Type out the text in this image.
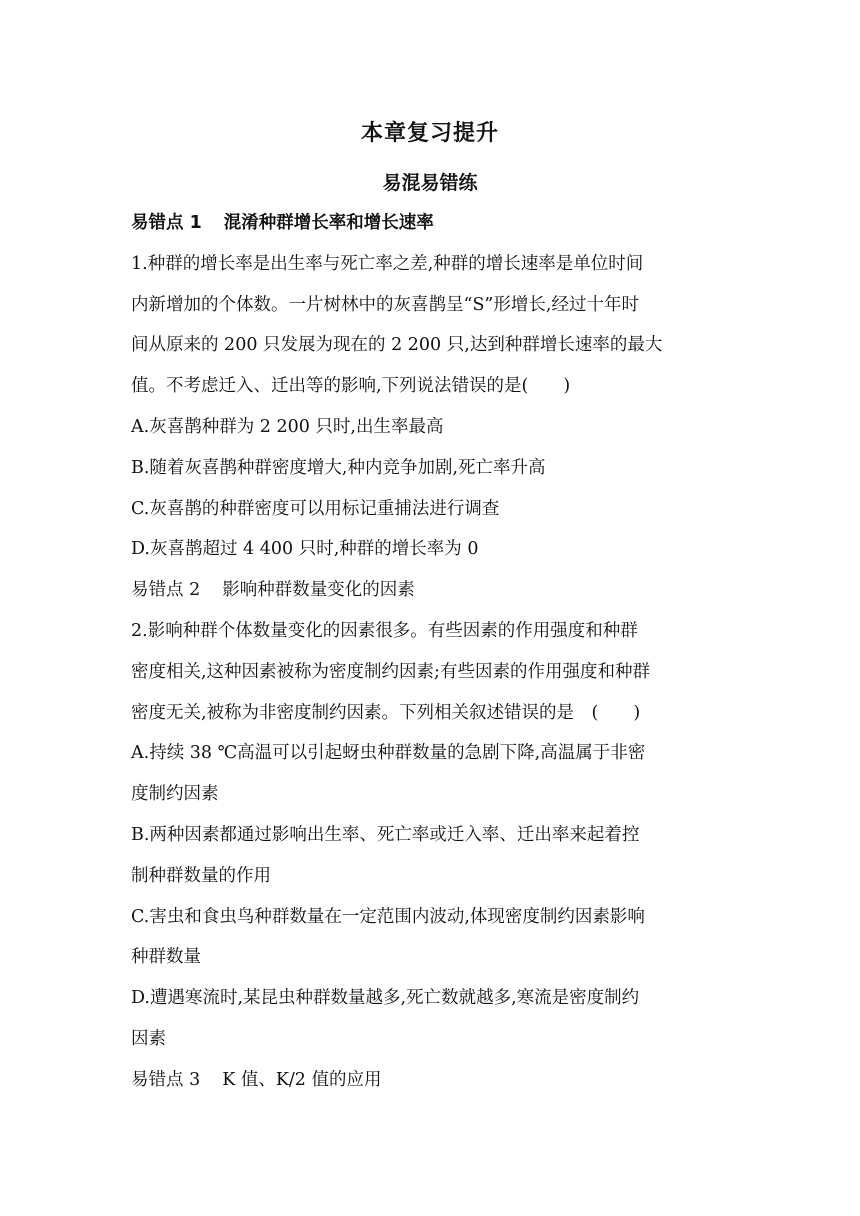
本章复习提升
易混易错练
易错点 1 混淆种群增长率和增长速率
1.种群的增长率是出生率与死亡率之差,种群的增长速率是单位时间
内新增加的个体数。一片树林中的灰喜鹊呈“S”形增长,经过十年时
间从原来的 200 只发展为现在的 2 200 只,达到种群增长速率的最大
值。不考虑迁入、迁出等的影响,下列说法错误的是(　　)
A.灰喜鹊种群为 2 200 只时,出生率最高
B.随着灰喜鹊种群密度增大,种内竞争加剧,死亡率升高
C.灰喜鹊的种群密度可以用标记重捕法进行调查
D.灰喜鹊超过 4 400 只时,种群的增长率为 0
易错点 2 影响种群数量变化的因素
2.影响种群个体数量变化的因素很多。有些因素的作用强度和种群
密度相关,这种因素被称为密度制约因素;有些因素的作用强度和种群
密度无关,被称为非密度制约因素。下列相关叙述错误的是　(　　)
A.持续 38 ℃高温可以引起蚜虫种群数量的急剧下降,高温属于非密
度制约因素
B.两种因素都通过影响出生率、死亡率或迁入率、迁出率来起着控
制种群数量的作用
C.害虫和食虫鸟种群数量在一定范围内波动,体现密度制约因素影响
种群数量
D.遭遇寒流时,某昆虫种群数量越多,死亡数就越多,寒流是密度制约
因素
易错点 3 K 值、K/2 值的应用
